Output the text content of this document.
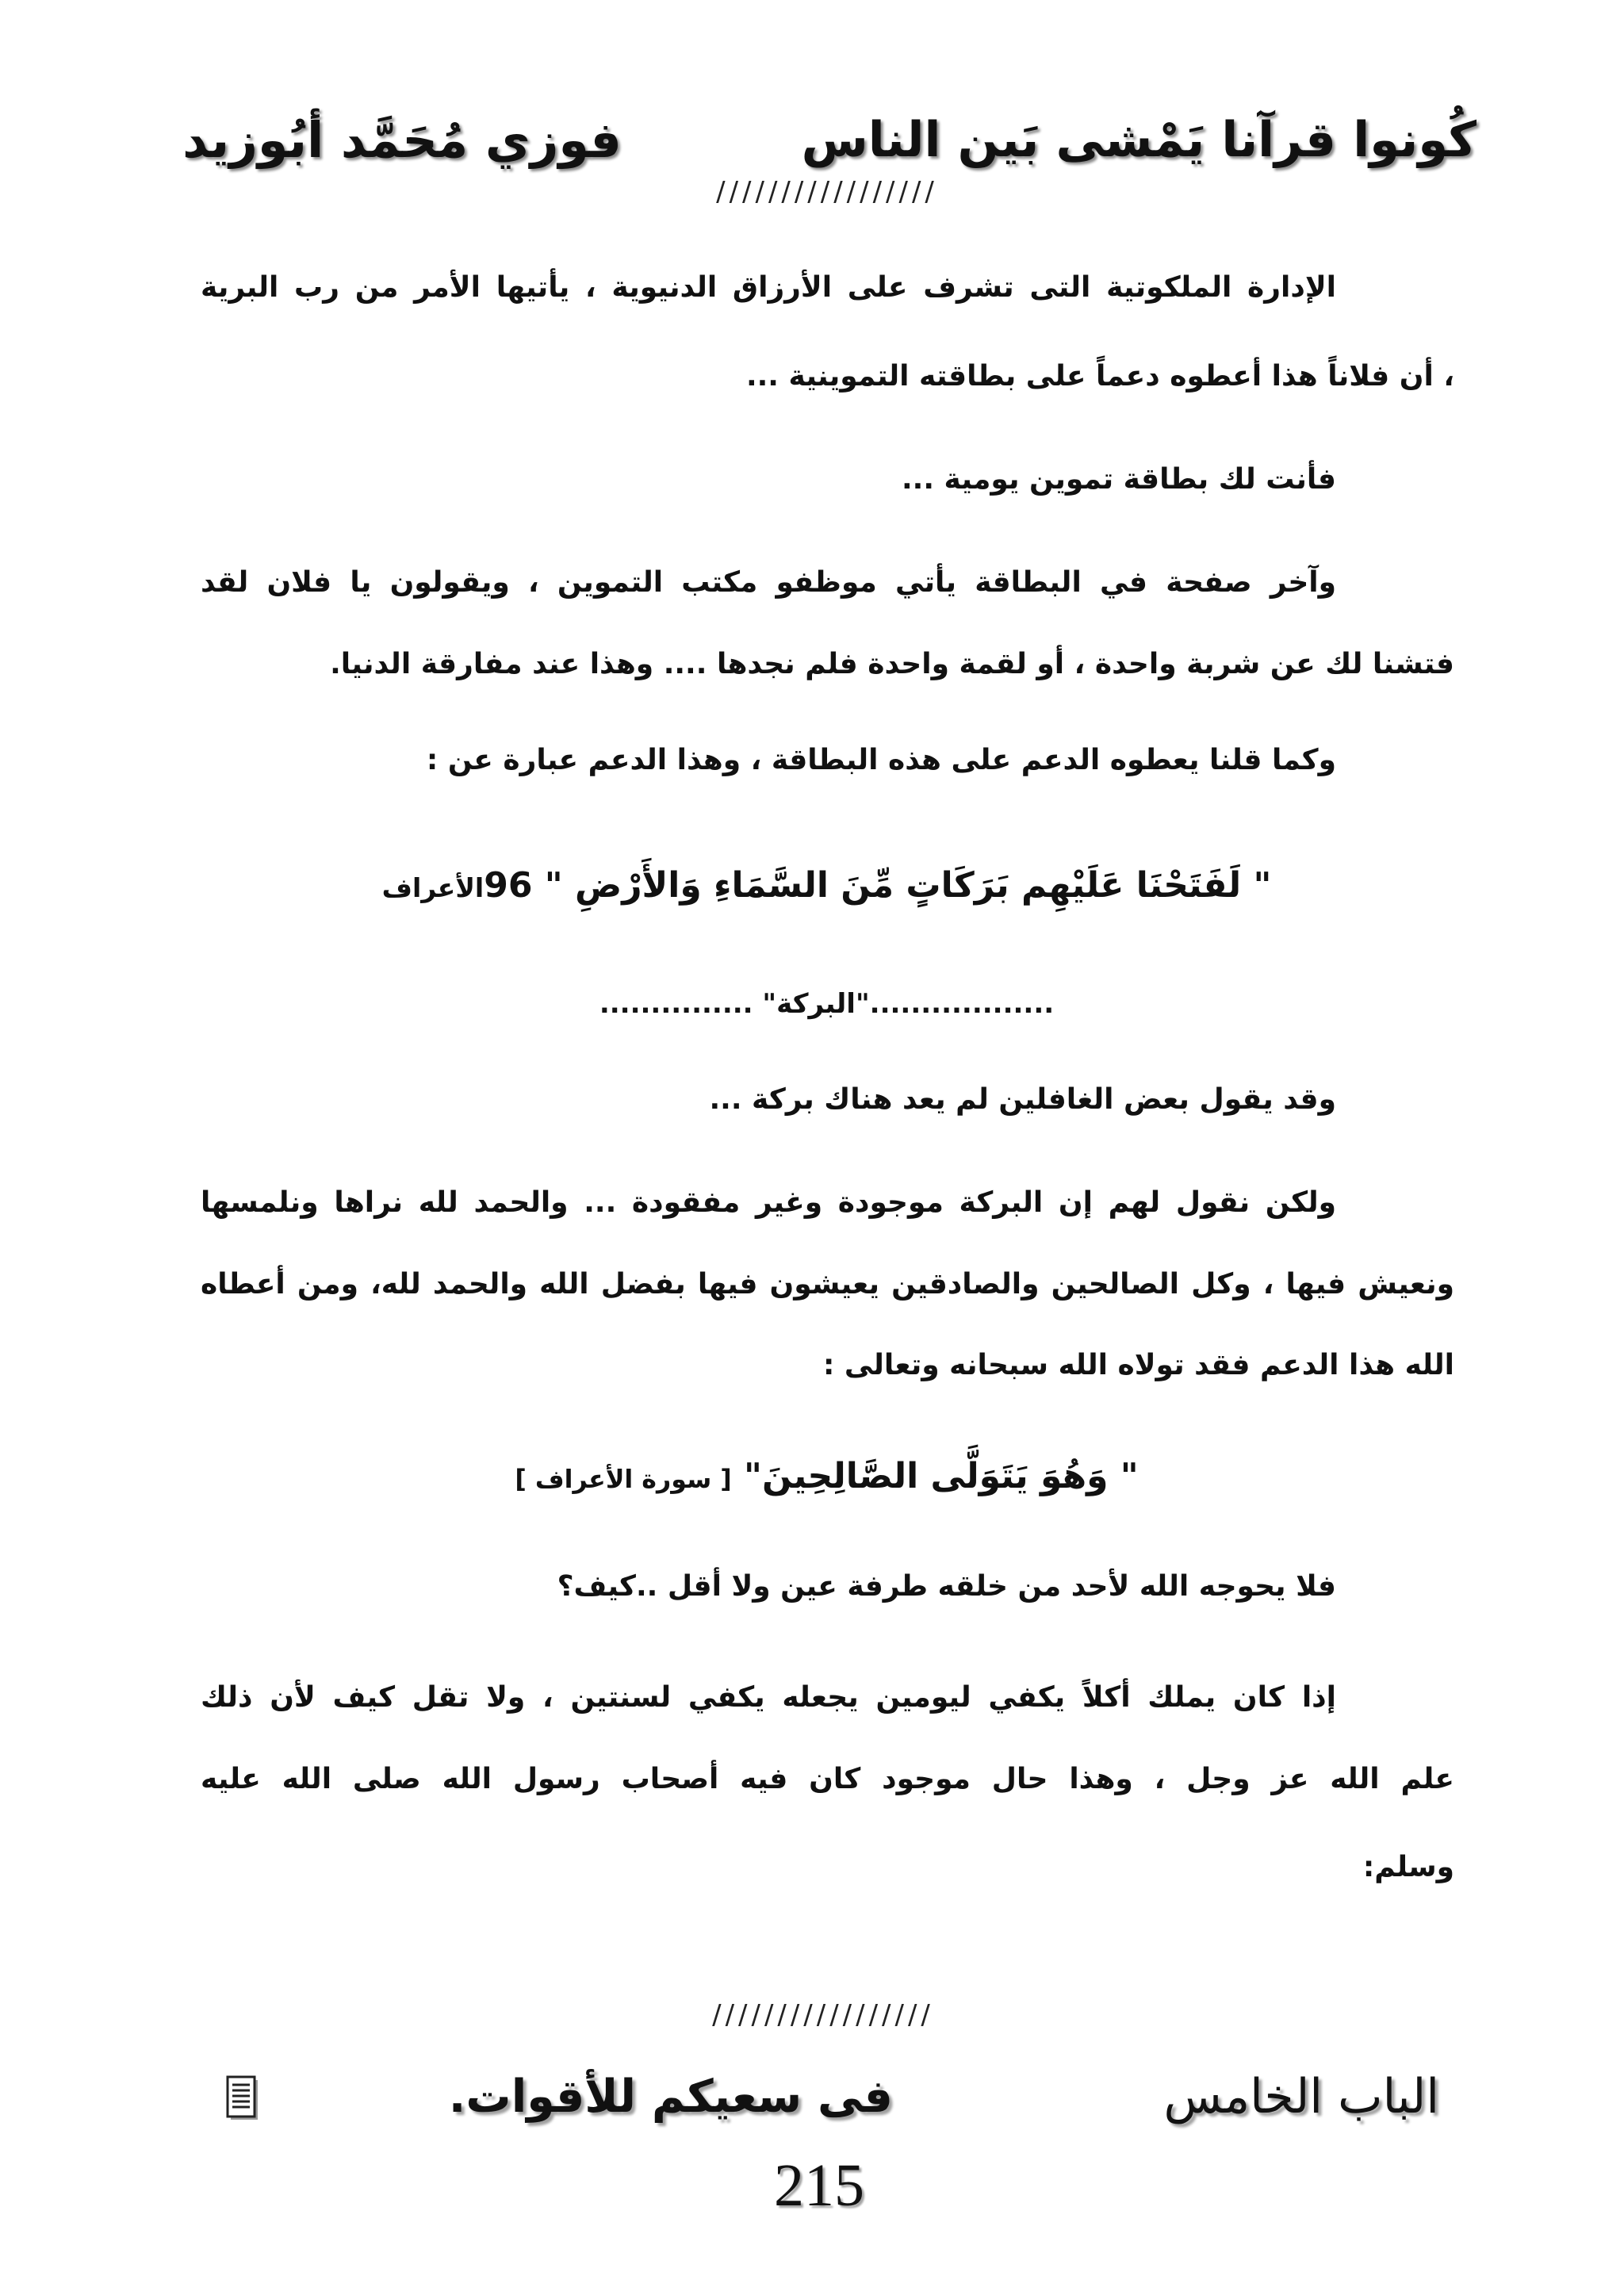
كُونوا قرآنا يَمْشى بَين الناس
فوزي مُحَمَّد أبُوزيد
/////////////////
الإدارة الملكوتية التى تشرف على الأرزاق الدنيوية ، يأتيها الأمر من رب البرية
، أن فلاناً هذا أعطوه دعماً على بطاقته التموينية ...
فأنت لك بطاقة تموين يومية ...
وآخر صفحة في البطاقة يأتي موظفو مكتب التموين ، ويقولون يا فلان لقد
فتشنا لك عن شربة واحدة ، أو لقمة واحدة فلم نجدها .... وهذا عند مفارقة الدنيا.
وكما قلنا يعطوه الدعم على هذه البطاقة ، وهذا الدعم عبارة عن :
" لَفَتَحْنَا عَلَيْهِم بَرَكَاتٍ مِّنَ السَّمَاءِ وَالأَرْضِ " 96الأعراف
.................."البركة" ...............
وقد يقول بعض الغافلين لم يعد هناك بركة ...
ولكن نقول لهم إن البركة موجودة وغير مفقودة ... والحمد لله نراها ونلمسها
ونعيش فيها ، وكل الصالحين والصادقين يعيشون فيها بفضل الله والحمد لله، ومن أعطاه
الله هذا الدعم فقد تولاه الله سبحانه وتعالى :
" وَهُوَ يَتَوَلَّى الصَّالِحِينَ" [ سورة الأعراف ]
فلا يحوجه الله لأحد من خلقه طرفة عين ولا أقل ..كيف؟
إذا كان يملك أكلاً يكفي ليومين يجعله يكفي لسنتين ، ولا تقل كيف لأن ذلك
علم الله عز وجل ، وهذا حال موجود كان فيه أصحاب رسول الله صلى الله عليه
وسلم:
/////////////////
الباب الخامس
فى سعيكم للأقوات.
215
